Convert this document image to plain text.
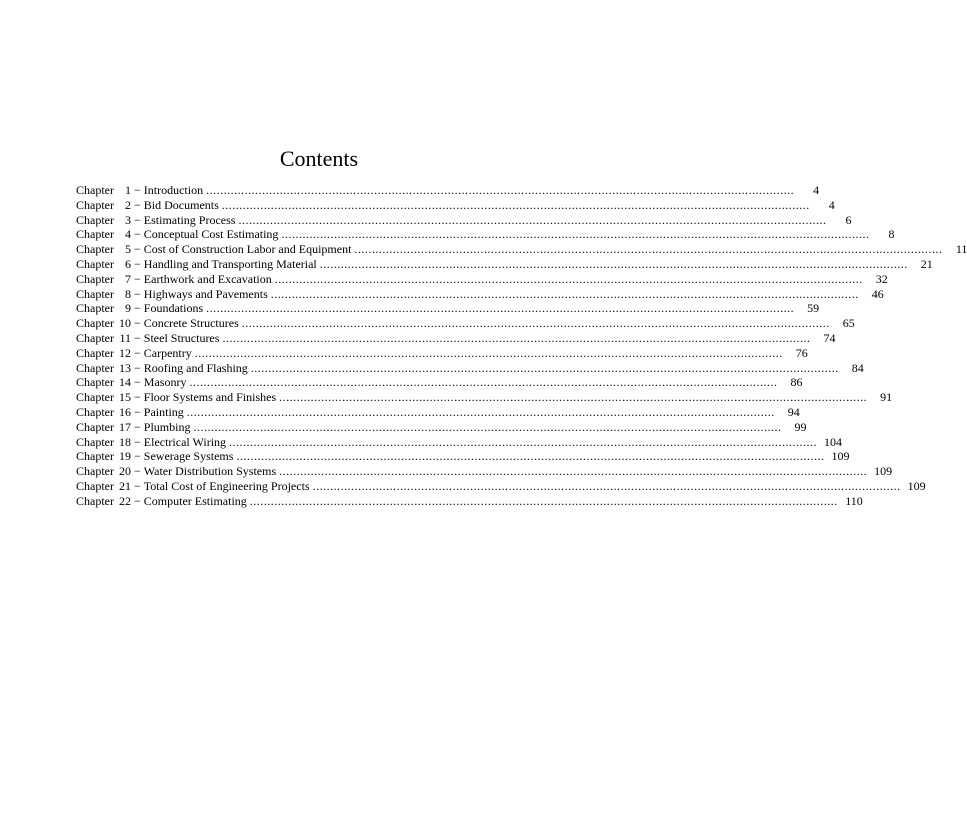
Contents
Chapter 1 − Introduction .....	4
Chapter 2 − Bid Documents .....	4
Chapter 3 − Estimating Process .....	6
Chapter 4 − Conceptual Cost Estimating .....	8
Chapter 5 − Cost of Construction Labor and Equipment .....	11
Chapter 6 − Handling and Transporting Material .....	21
Chapter 7 − Earthwork and Excavation .....	32
Chapter 8 − Highways and Pavements .....	46
Chapter 9 − Foundations .....	59
Chapter 10 − Concrete Structures .....	65
Chapter 11 − Steel Structures .....	74
Chapter 12 − Carpentry .....	76
Chapter 13 − Roofing and Flashing .....	84
Chapter 14 − Masonry .....	86
Chapter 15 − Floor Systems and Finishes .....	91
Chapter 16 − Painting .....	94
Chapter 17 − Plumbing .....	99
Chapter 18 − Electrical Wiring .....	104
Chapter 19 − Sewerage Systems .....	109
Chapter 20 − Water Distribution Systems .....	109
Chapter 21 − Total Cost of Engineering Projects .....	109
Chapter 22 − Computer Estimating .....	110
